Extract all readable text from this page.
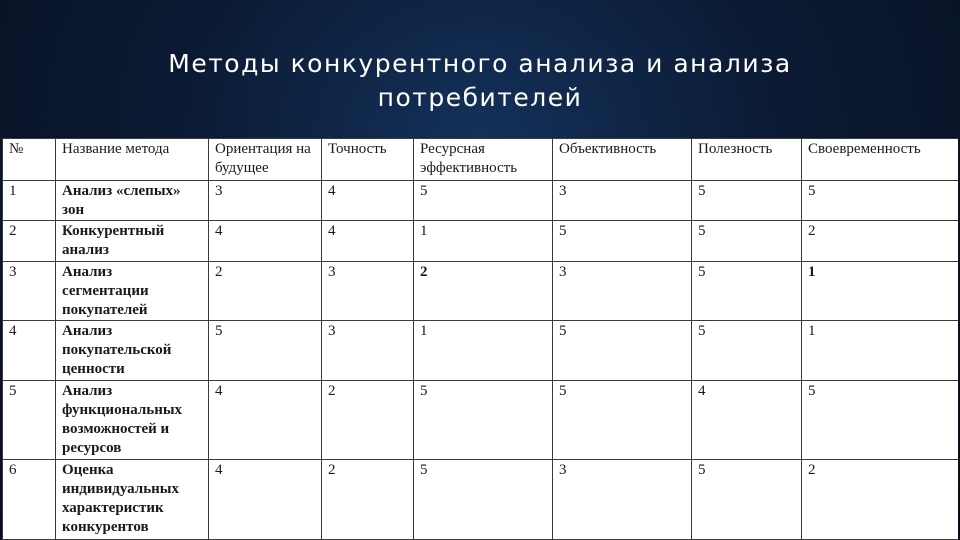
Методы конкурентного анализа и анализа
потребителей
№	Название метода	Ориентация на будущее	Точность	Ресурсная эффективность	Объективность	Полезность	Своевременность
1	Анализ «слепых» зон	3	4	5	3	5	5
2	Конкурентный анализ	4	4	1	5	5	2
3	Анализ сегментации покупателей	2	3	2	3	5	1
4	Анализ покупательской ценности	5	3	1	5	5	1
5	Анализ функциональных возможностей и ресурсов	4	2	5	5	4	5
6	Оценка индивидуальных характеристик конкурентов	4	2	5	3	5	2
